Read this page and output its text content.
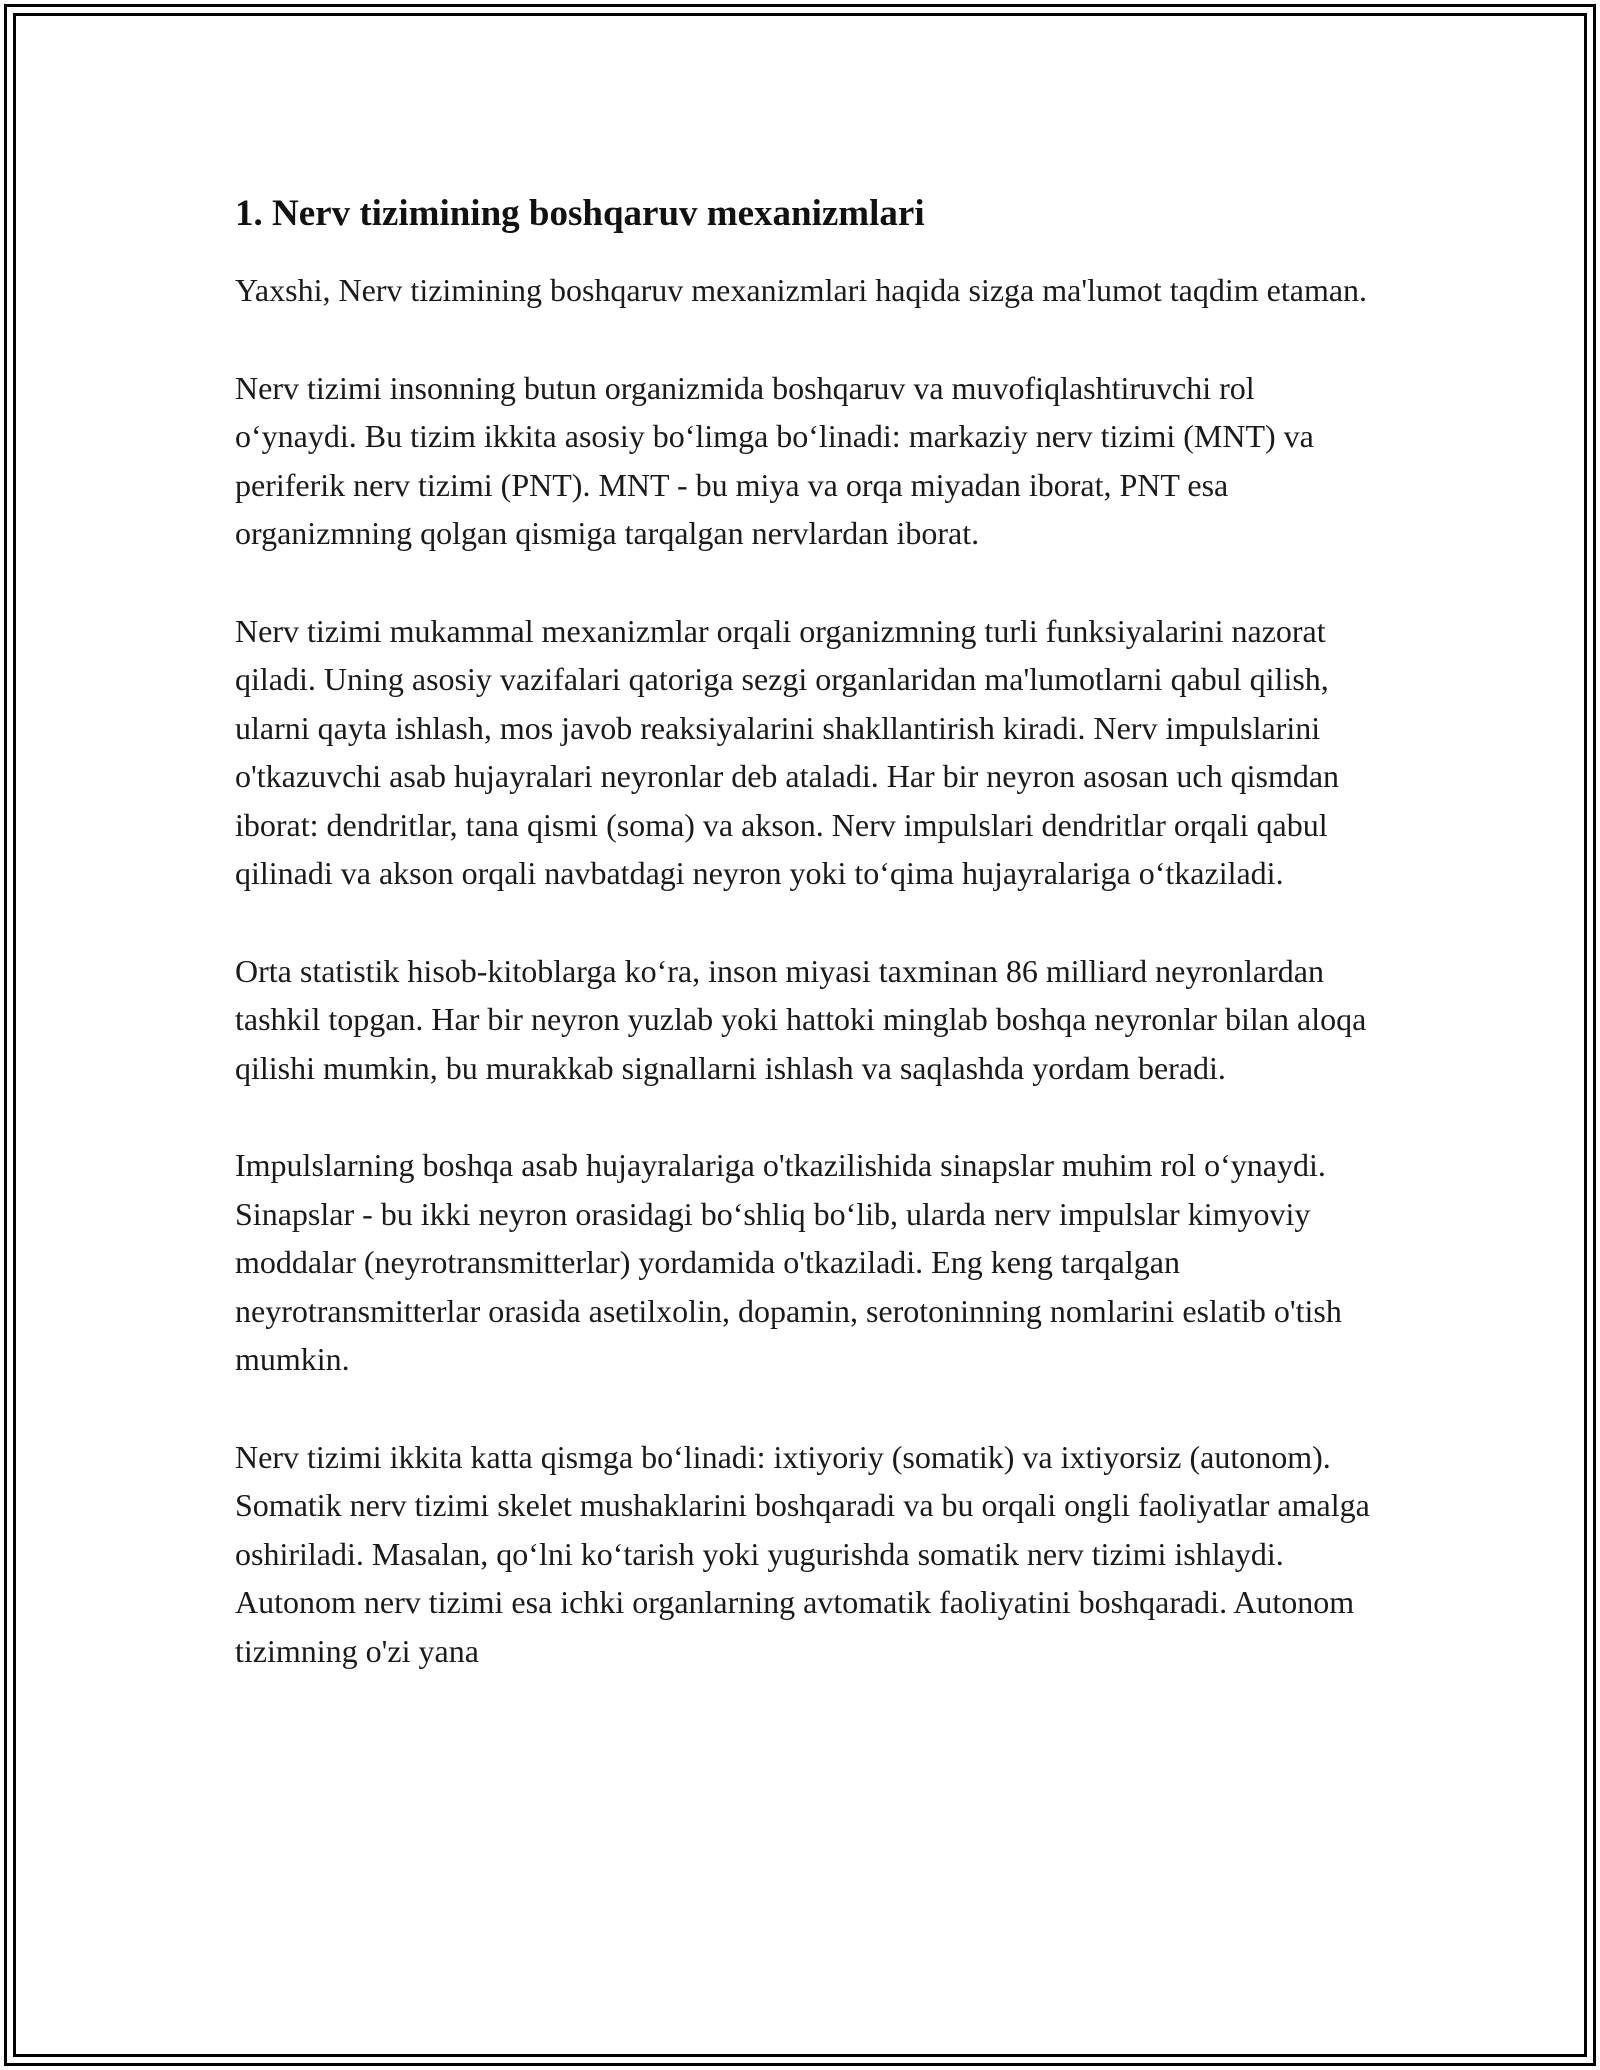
1. Nerv tizimining boshqaruv mexanizmlari

Yaxshi, Nerv tizimining boshqaruv mexanizmlari haqida sizga ma'lumot taqdim etaman.

Nerv tizimi insonning butun organizmida boshqaruv va muvofiqlashtiruvchi rol o‘ynaydi. Bu tizim ikkita asosiy bo‘limga bo‘linadi: markaziy nerv tizimi (MNT) va periferik nerv tizimi (PNT). MNT - bu miya va orqa miyadan iborat, PNT esa organizmning qolgan qismiga tarqalgan nervlardan iborat.

Nerv tizimi mukammal mexanizmlar orqali organizmning turli funksiyalarini nazorat qiladi. Uning asosiy vazifalari qatoriga sezgi organlaridan ma'lumotlarni qabul qilish, ularni qayta ishlash, mos javob reaksiyalarini shakllantirish kiradi. Nerv impulslarini o'tkazuvchi asab hujayralari neyronlar deb ataladi. Har bir neyron asosan uch qismdan iborat: dendritlar, tana qismi (soma) va akson. Nerv impulslari dendritlar orqali qabul qilinadi va akson orqali navbatdagi neyron yoki to‘qima hujayralariga o‘tkaziladi.

Orta statistik hisob-kitoblarga ko‘ra, inson miyasi taxminan 86 milliard neyronlardan tashkil topgan. Har bir neyron yuzlab yoki hattoki minglab boshqa neyronlar bilan aloqa qilishi mumkin, bu murakkab signallarni ishlash va saqlashda yordam beradi.

Impulslarning boshqa asab hujayralariga o'tkazilishida sinapslar muhim rol o‘ynaydi. Sinapslar - bu ikki neyron orasidagi bo‘shliq bo‘lib, ularda nerv impulslar kimyoviy moddalar (neyrotransmitterlar) yordamida o'tkaziladi. Eng keng tarqalgan neyrotransmitterlar orasida asetilxolin, dopamin, serotoninning nomlarini eslatib o'tish mumkin.

Nerv tizimi ikkita katta qismga bo‘linadi: ixtiyoriy (somatik) va ixtiyorsiz (autonom). Somatik nerv tizimi skelet mushaklarini boshqaradi va bu orqali ongli faoliyatlar amalga oshiriladi. Masalan, qo‘lni ko‘tarish yoki yugurishda somatik nerv tizimi ishlaydi. Autonom nerv tizimi esa ichki organlarning avtomatik faoliyatini boshqaradi. Autonom tizimning o'zi yana
